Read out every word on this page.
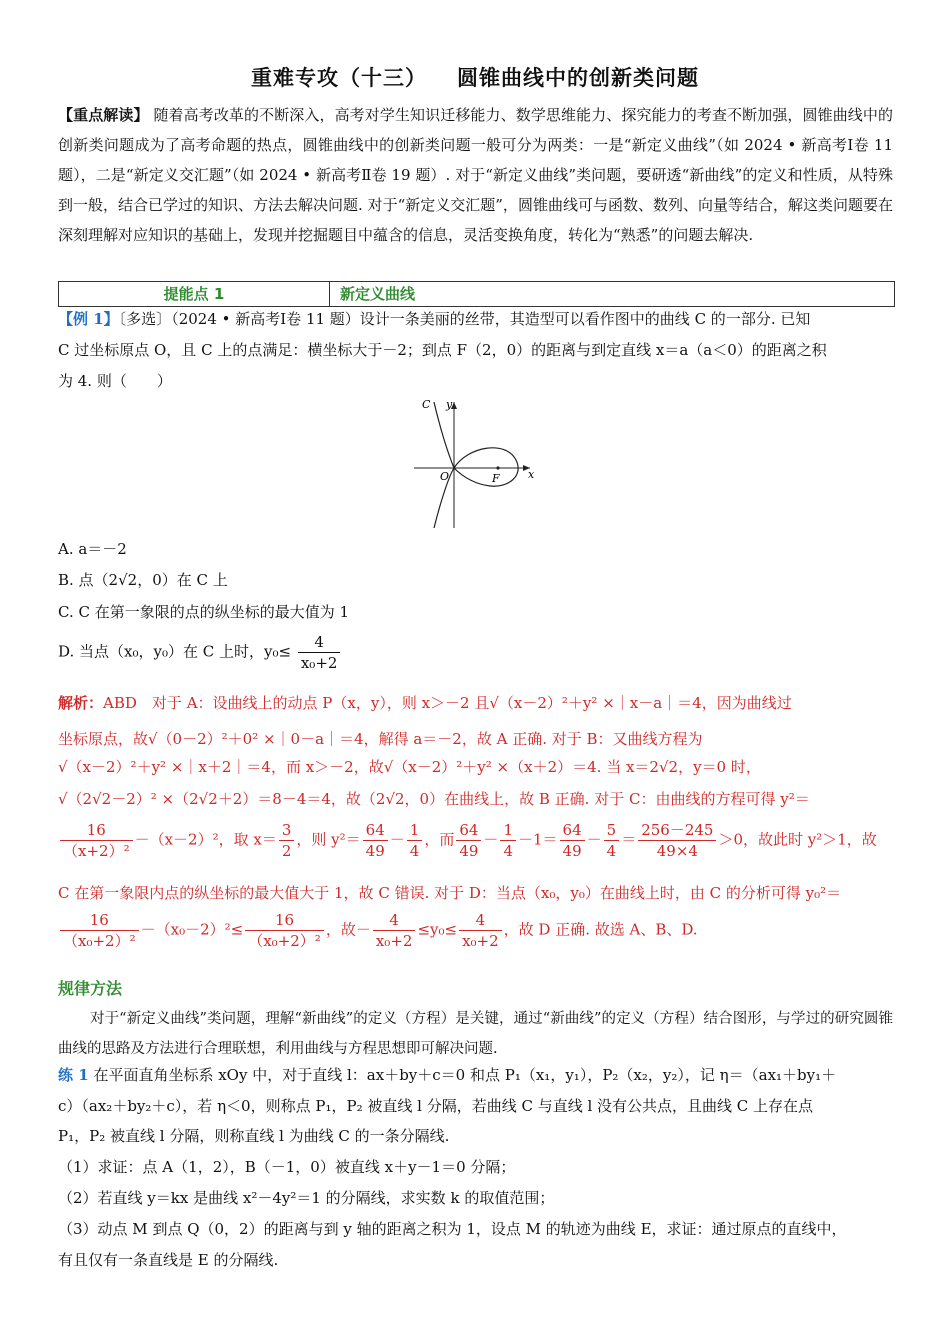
重难专攻（十三） 圆锥曲线中的创新类问题
【重点解读】 随着高考改革的不断深入，高考对学生知识迁移能力、数学思维能力、探究能力的考查不断加强，圆锥曲线中的创新类问题成为了高考命题的热点，圆锥曲线中的创新类问题一般可分为两类：一是“新定义曲线”（如 2024 • 新高考Ⅰ卷 11 题），二是“新定义交汇题”（如 2024 • 新高考Ⅱ卷 19 题）. 对于“新定义曲线”类问题，要研透“新曲线”的定义和性质，从特殊到一般，结合已学过的知识、方法去解决问题. 对于“新定义交汇题”，圆锥曲线可与函数、数列、向量等结合，解这类问题要在深刻理解对应知识的基础上，发现并挖掘题目中蕴含的信息，灵活变换角度，转化为“熟悉”的问题去解决.
提能点 1	新定义曲线
【例 1】〔多选〕（2024 • 新高考Ⅰ卷 11 题）设计一条美丽的丝带，其造型可以看作图中的曲线 C 的一部分. 已知
C 过坐标原点 O，且 C 上的点满足：横坐标大于－2；到点 F（2，0）的距离与到定直线 x＝a（a＜0）的距离之积
为 4. 则（　　）
C y
x
O	F
A. a＝－2
B. 点（2√2，0）在 C 上
C. C 在第一象限的点的纵坐标的最大值为 1
D. 当点（x₀，y₀）在 C 上时，$y_0\le \frac{4}{\text{x₀+2}}$
解析：ABD　 对于 A：设曲线上的动点 P（x，y），则 x＞－2 且√（x－2）²＋y² ×｜x－a｜＝4，因为曲线过
坐标原点，故√（0－2）²＋0² ×｜0－a｜＝4，解得 a＝－2，故 A 正确. 对于 B：又曲线方程为
√（x－2）²＋y² ×｜x＋2｜＝4，而 x＞－2，故√（x－2）²＋y² ×（x＋2）＝4. 当 x＝2√2，y＝0 时，
√（2√2－2）² ×（2√2＋2）＝8－4＝4，故（2√2，0）在曲线上，故 B 正确. 对于 C：由曲线的方程可得 y²＝
$\frac{16}{\text{（x+2）²}} -(x-2)^2$，取 $x= \frac{3}{2}$ ，则 $y^2= \frac{64}{49} - \frac{1}{4}$ ，而 $\frac{64}{49} - \frac{1}{4} -1= \frac{64}{49} - \frac{5}{4} = \frac{256-245}{49\times 4} >0$，故此时 y²＞1，故
C 在第一象限内点的纵坐标的最大值大于 1，故 C 错误. 对于 D：当点（x₀，y₀）在曲线上时，由 C 的分析可得 y₀²＝
$\frac{16}{\text{（x₀+2）²}} -(x_0-2)^2\le \frac{16}{\text{（x₀+2）²}}$ ，故－ $\frac{4}{\text{x₀+2}} \le y_0\le \frac{4}{\text{x₀+2}}$ ，故 D 正确. 故选 A、B、D.
规律方法
对于“新定义曲线”类问题，理解“新曲线”的定义（方程）是关键，通过“新曲线”的定义（方程）结合图形，与学过的研究圆锥曲线的思路及方法进行合理联想，利用曲线与方程思想即可解决问题.
练 1 在平面直角坐标系 xOy 中，对于直线 l：ax＋by＋c＝0 和点 P₁（x₁，y₁），P₂（x₂，y₂），记 η＝（ax₁＋by₁＋
c）（ax₂＋by₂＋c），若 η＜0，则称点 P₁，P₂ 被直线 l 分隔，若曲线 C 与直线 l 没有公共点，且曲线 C 上存在点
P₁，P₂ 被直线 l 分隔，则称直线 l 为曲线 C 的一条分隔线.
（1）求证：点 A（1，2），B（－1，0）被直线 x＋y－1＝0 分隔；
（2）若直线 y＝kx 是曲线 x²－4y²＝1 的分隔线，求实数 k 的取值范围；
（3）动点 M 到点 Q（0，2）的距离与到 y 轴的距离之积为 1，设点 M 的轨迹为曲线 E，求证：通过原点的直线中，
有且仅有一条直线是 E 的分隔线.
